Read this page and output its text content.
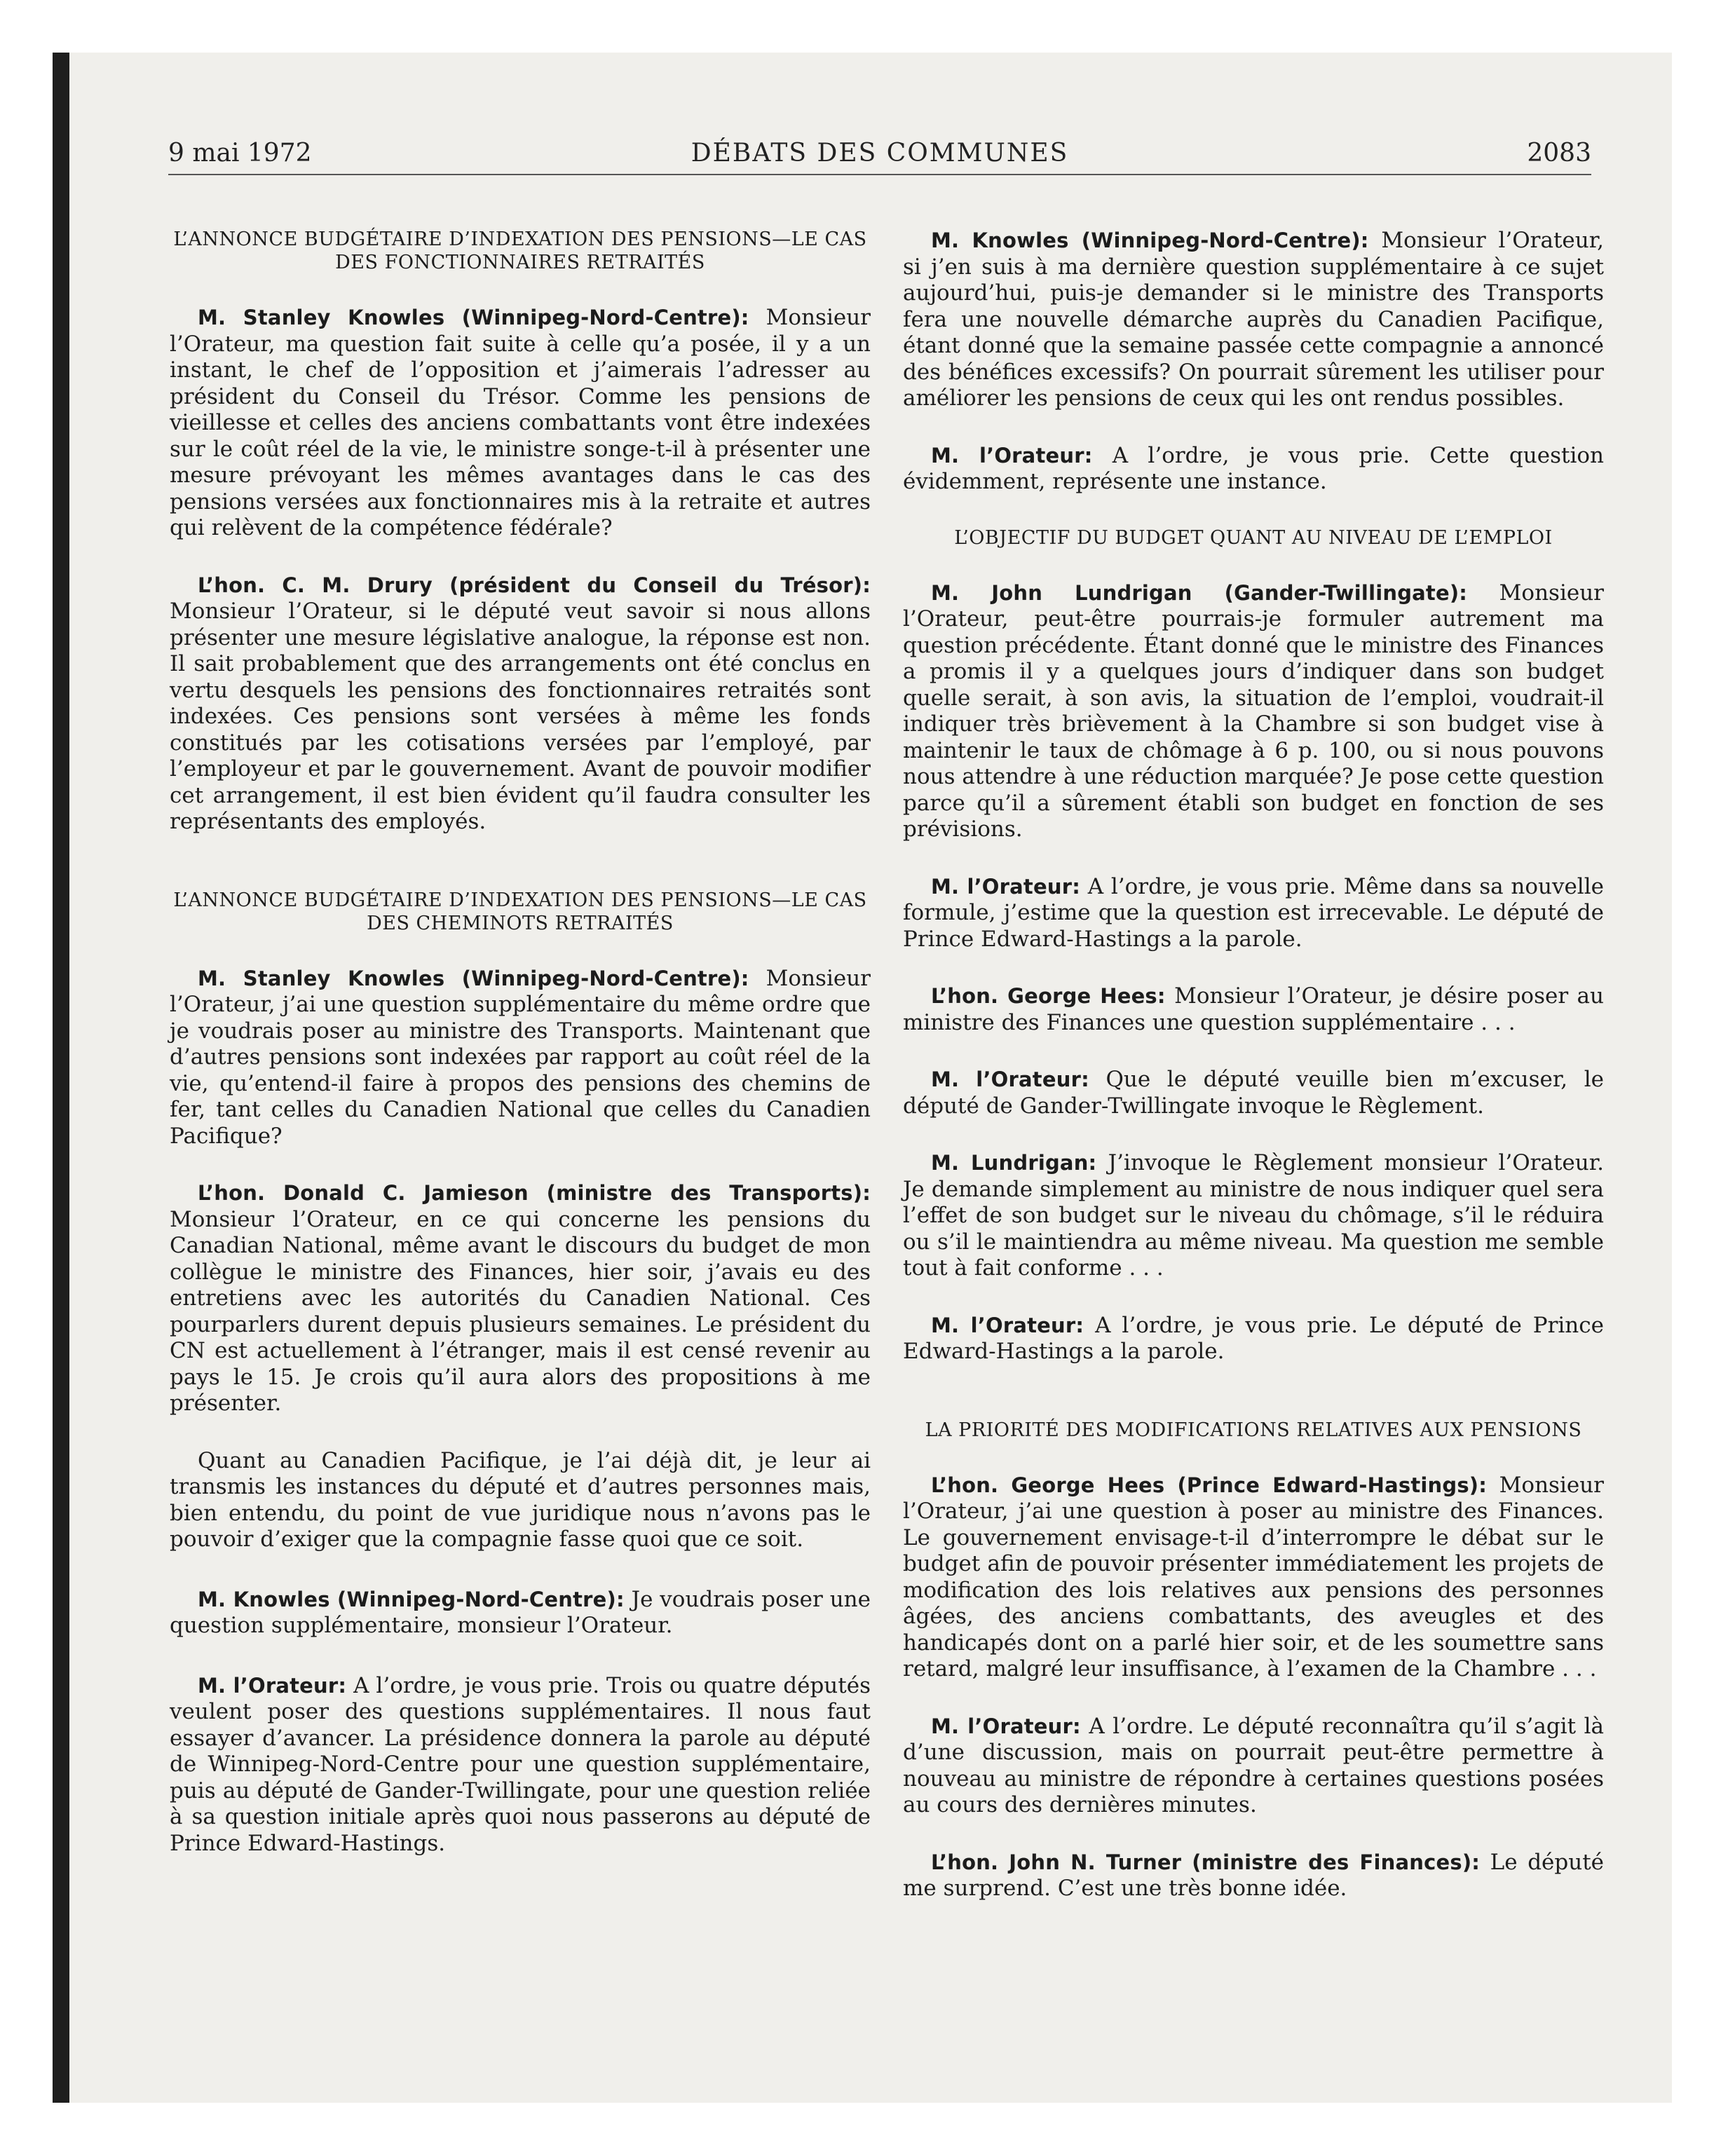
9 mai 1972	DÉBATS DES COMMUNES	2083

L’ANNONCE BUDGÉTAIRE D’INDEXATION DES PENSIONS—LE CAS DES FONCTIONNAIRES RETRAITÉS

M. Stanley Knowles (Winnipeg-Nord-Centre): Monsieur l’Orateur, ma question fait suite à celle qu’a posée, il y a un instant, le chef de l’opposition et j’aimerais l’adresser au président du Conseil du Trésor. Comme les pensions de vieillesse et celles des anciens combattants vont être indexées sur le coût réel de la vie, le ministre songe-t-il à présenter une mesure prévoyant les mêmes avantages dans le cas des pensions versées aux fonctionnaires mis à la retraite et autres qui relèvent de la compétence fédérale?

L’hon. C. M. Drury (président du Conseil du Trésor): Monsieur l’Orateur, si le député veut savoir si nous allons présenter une mesure législative analogue, la réponse est non. Il sait probablement que des arrangements ont été conclus en vertu desquels les pensions des fonctionnaires retraités sont indexées. Ces pensions sont versées à même les fonds constitués par les cotisations versées par l’employé, par l’employeur et par le gouvernement. Avant de pouvoir modifier cet arrangement, il est bien évident qu’il faudra consulter les représentants des employés.

L’ANNONCE BUDGÉTAIRE D’INDEXATION DES PENSIONS—LE CAS DES CHEMINOTS RETRAITÉS

M. Stanley Knowles (Winnipeg-Nord-Centre): Monsieur l’Orateur, j’ai une question supplémentaire du même ordre que je voudrais poser au ministre des Transports. Maintenant que d’autres pensions sont indexées par rapport au coût réel de la vie, qu’entend-il faire à propos des pensions des chemins de fer, tant celles du Canadien National que celles du Canadien Pacifique?

L’hon. Donald C. Jamieson (ministre des Transports): Monsieur l’Orateur, en ce qui concerne les pensions du Canadian National, même avant le discours du budget de mon collègue le ministre des Finances, hier soir, j’avais eu des entretiens avec les autorités du Canadien National. Ces pourparlers durent depuis plusieurs semaines. Le président du CN est actuellement à l’étranger, mais il est censé revenir au pays le 15. Je crois qu’il aura alors des propositions à me présenter.

Quant au Canadien Pacifique, je l’ai déjà dit, je leur ai transmis les instances du député et d’autres personnes mais, bien entendu, du point de vue juridique nous n’avons pas le pouvoir d’exiger que la compagnie fasse quoi que ce soit.

M. Knowles (Winnipeg-Nord-Centre): Je voudrais poser une question supplémentaire, monsieur l’Orateur.

M. l’Orateur: A l’ordre, je vous prie. Trois ou quatre députés veulent poser des questions supplémentaires. Il nous faut essayer d’avancer. La présidence donnera la parole au député de Winnipeg-Nord-Centre pour une question supplémentaire, puis au député de Gander-Twillingate, pour une question reliée à sa question initiale après quoi nous passerons au député de Prince Edward-Hastings.

M. Knowles (Winnipeg-Nord-Centre): Monsieur l’Orateur, si j’en suis à ma dernière question supplémentaire à ce sujet aujourd’hui, puis-je demander si le ministre des Transports fera une nouvelle démarche auprès du Canadien Pacifique, étant donné que la semaine passée cette compagnie a annoncé des bénéfices excessifs? On pourrait sûrement les utiliser pour améliorer les pensions de ceux qui les ont rendus possibles.

M. l’Orateur: A l’ordre, je vous prie. Cette question évidemment, représente une instance.

L’OBJECTIF DU BUDGET QUANT AU NIVEAU DE L’EMPLOI

M. John Lundrigan (Gander-Twillingate): Monsieur l’Orateur, peut-être pourrais-je formuler autrement ma question précédente. Étant donné que le ministre des Finances a promis il y a quelques jours d’indiquer dans son budget quelle serait, à son avis, la situation de l’emploi, voudrait-il indiquer très brièvement à la Chambre si son budget vise à maintenir le taux de chômage à 6 p. 100, ou si nous pouvons nous attendre à une réduction marquée? Je pose cette question parce qu’il a sûrement établi son budget en fonction de ses prévisions.

M. l’Orateur: A l’ordre, je vous prie. Même dans sa nouvelle formule, j’estime que la question est irrecevable. Le député de Prince Edward-Hastings a la parole.

L’hon. George Hees: Monsieur l’Orateur, je désire poser au ministre des Finances une question supplémentaire . . .

M. l’Orateur: Que le député veuille bien m’excuser, le député de Gander-Twillingate invoque le Règlement.

M. Lundrigan: J’invoque le Règlement monsieur l’Orateur. Je demande simplement au ministre de nous indiquer quel sera l’effet de son budget sur le niveau du chômage, s’il le réduira ou s’il le maintiendra au même niveau. Ma question me semble tout à fait conforme . . .

M. l’Orateur: A l’ordre, je vous prie. Le député de Prince Edward-Hastings a la parole.

LA PRIORITÉ DES MODIFICATIONS RELATIVES AUX PENSIONS

L’hon. George Hees (Prince Edward-Hastings): Monsieur l’Orateur, j’ai une question à poser au ministre des Finances. Le gouvernement envisage-t-il d’interrompre le débat sur le budget afin de pouvoir présenter immédiatement les projets de modification des lois relatives aux pensions des personnes âgées, des anciens combattants, des aveugles et des handicapés dont on a parlé hier soir, et de les soumettre sans retard, malgré leur insuffisance, à l’examen de la Chambre . . .

M. l’Orateur: A l’ordre. Le député reconnaîtra qu’il s’agit là d’une discussion, mais on pourrait peut-être permettre à nouveau au ministre de répondre à certaines questions posées au cours des dernières minutes.

L’hon. John N. Turner (ministre des Finances): Le député me surprend. C’est une très bonne idée.
